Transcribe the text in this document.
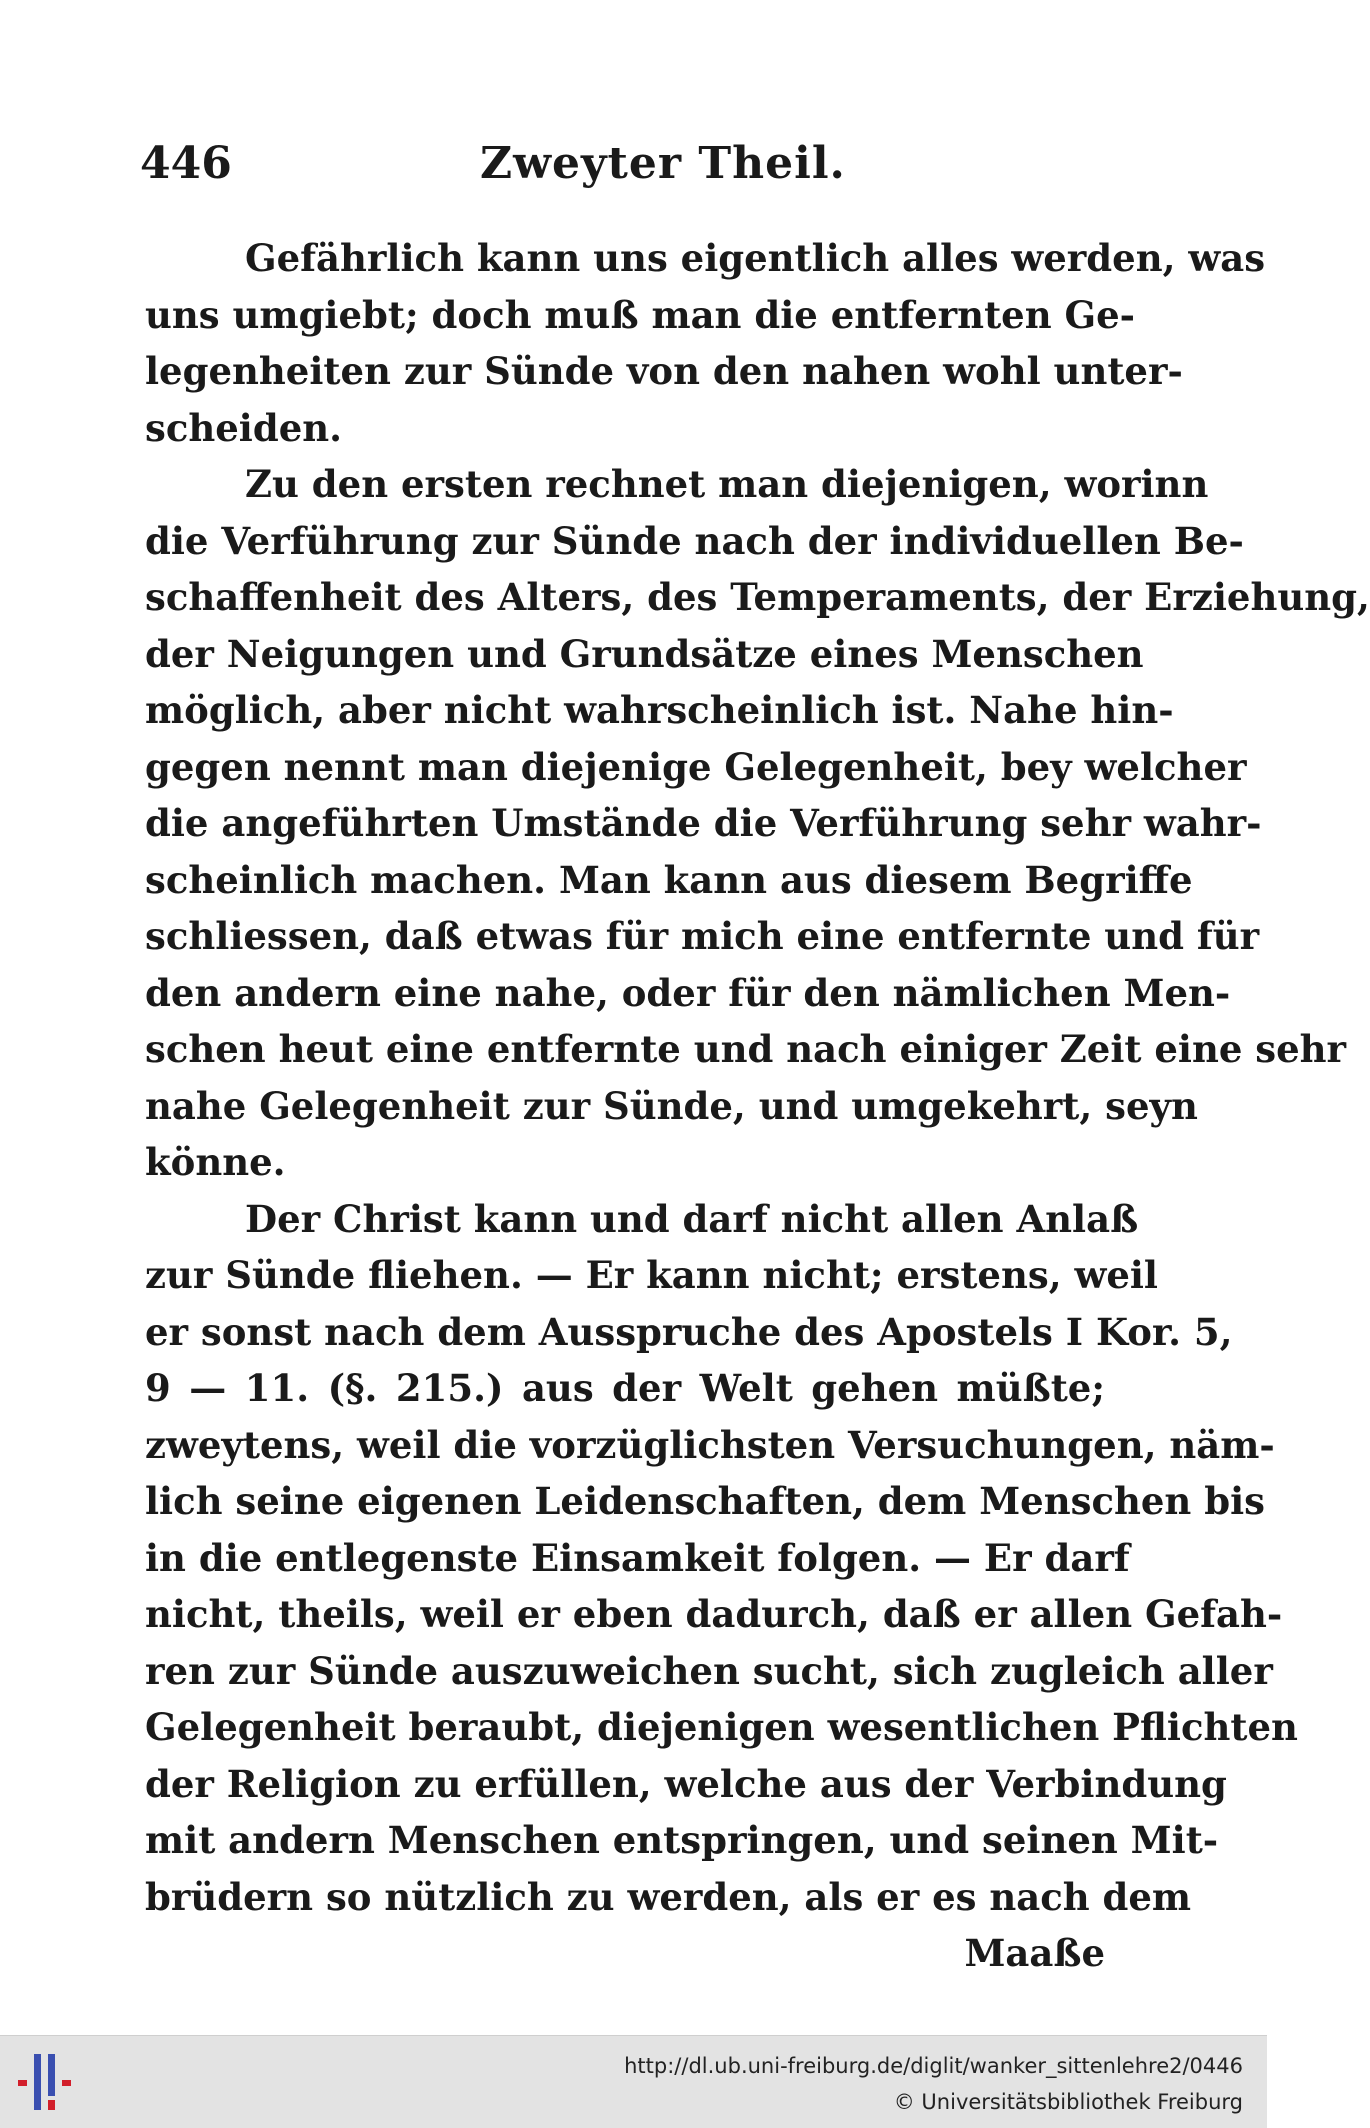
446	Zweyter Theil.
Gefährlich kann uns eigentlich alles werden, was
uns umgiebt; doch muß man die entfernten Ge-
legenheiten zur Sünde von den nahen wohl unter-
scheiden.
Zu den ersten rechnet man diejenigen, worinn
die Verführung zur Sünde nach der individuellen Be-
schaffenheit des Alters, des Temperaments, der Erziehung,
der Neigungen und Grundsätze eines Menschen
möglich, aber nicht wahrscheinlich ist. Nahe hin-
gegen nennt man diejenige Gelegenheit, bey welcher
die angeführten Umstände die Verführung sehr wahr-
scheinlich machen. Man kann aus diesem Begriffe
schliessen, daß etwas für mich eine entfernte und für
den andern eine nahe, oder für den nämlichen Men-
schen heut eine entfernte und nach einiger Zeit eine sehr
nahe Gelegenheit zur Sünde, und umgekehrt, seyn
könne.
Der Christ kann und darf nicht allen Anlaß
zur Sünde fliehen. — Er kann nicht; erstens, weil
er sonst nach dem Ausspruche des Apostels I Kor. 5,
9 — 11. (§. 215.) aus der Welt gehen müßte;
zweytens, weil die vorzüglichsten Versuchungen, näm-
lich seine eigenen Leidenschaften, dem Menschen bis
in die entlegenste Einsamkeit folgen. — Er darf
nicht, theils, weil er eben dadurch, daß er allen Gefah-
ren zur Sünde auszuweichen sucht, sich zugleich aller
Gelegenheit beraubt, diejenigen wesentlichen Pflichten
der Religion zu erfüllen, welche aus der Verbindung
mit andern Menschen entspringen, und seinen Mit-
brüdern so nützlich zu werden, als er es nach dem
Maaße
http://dl.ub.uni-freiburg.de/diglit/wanker_sittenlehre2/0446
© Universitätsbibliothek Freiburg
